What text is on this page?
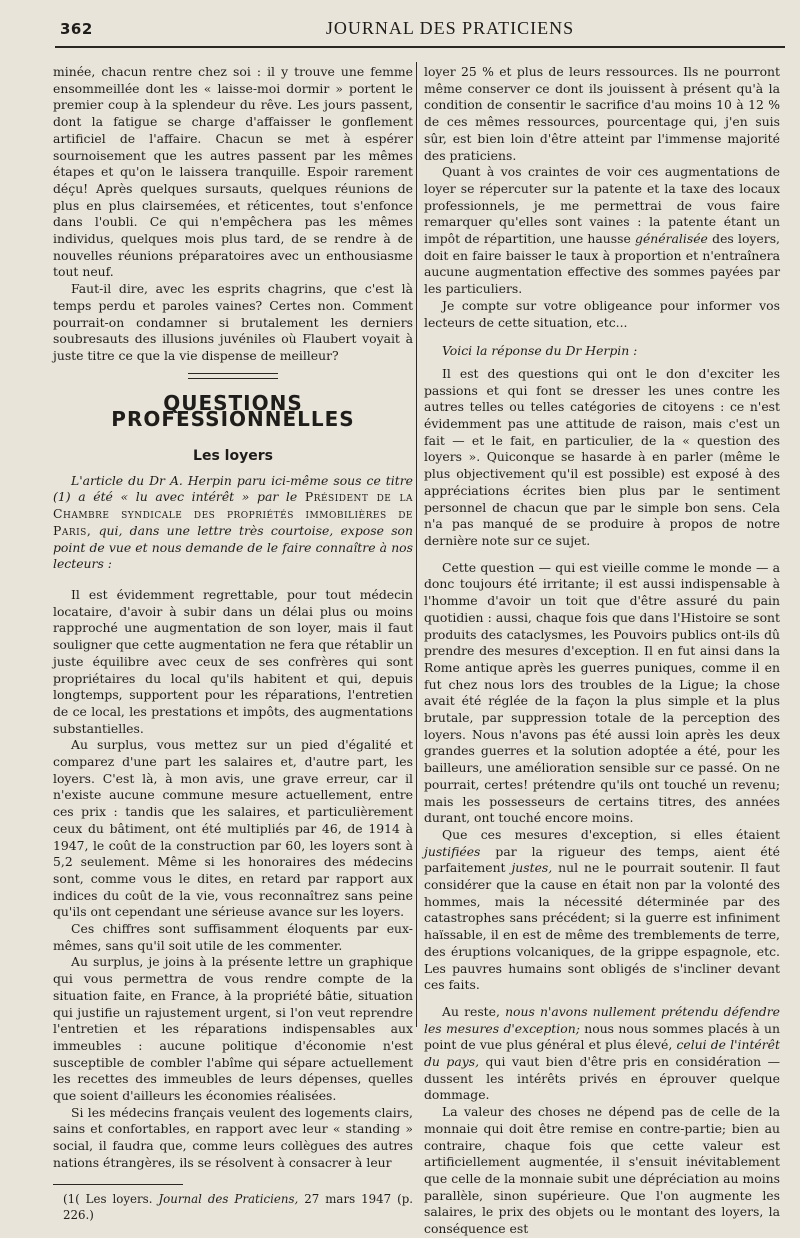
362	JOURNAL DES PRATICIENS

minée, chacun rentre chez soi : il y trouve une femme ensommeillée dont les « laisse-moi dormir » portent le premier coup à la splendeur du rêve. Les jours passent, dont la fatigue se charge d'affaisser le gonflement artificiel de l'affaire. Chacun se met à espérer sournoisement que les autres passent par les mêmes étapes et qu'on le laissera tranquille. Espoir rarement déçu! Après quelques sursauts, quelques réunions de plus en plus clairsemées, et réticentes, tout s'enfonce dans l'oubli. Ce qui n'empêchera pas les mêmes individus, quelques mois plus tard, de se rendre à de nouvelles réunions préparatoires avec un enthousiasme tout neuf.

Faut-il dire, avec les esprits chagrins, que c'est là temps perdu et paroles vaines? Certes non. Comment pourrait-on condamner si brutalement les derniers soubresauts des illusions juvéniles où Flaubert voyait à juste titre ce que la vie dispense de meilleur?

QUESTIONS PROFESSIONNELLES
Les loyers

L'article du Dr A. Herpin paru ici-même sous ce titre (1) a été « lu avec intérêt » par le Président de la Chambre syndicale des propriétés immobilières de Paris, qui, dans une lettre très courtoise, expose son point de vue et nous demande de le faire connaître à nos lecteurs :

Il est évidemment regrettable, pour tout médecin locataire, d'avoir à subir dans un délai plus ou moins rapproché une augmentation de son loyer, mais il faut souligner que cette augmentation ne fera que rétablir un juste équilibre avec ceux de ses confrères qui sont propriétaires du local qu'ils habitent et qui, depuis longtemps, supportent pour les réparations, l'entretien de ce local, les prestations et impôts, des augmentations substantielles.

Au surplus, vous mettez sur un pied d'égalité et comparez d'une part les salaires et, d'autre part, les loyers. C'est là, à mon avis, une grave erreur, car il n'existe aucune commune mesure actuellement, entre ces prix : tandis que les salaires, et particulièrement ceux du bâtiment, ont été multipliés par 46, de 1914 à 1947, le coût de la construction par 60, les loyers sont à 5,2 seulement. Même si les honoraires des médecins sont, comme vous le dites, en retard par rapport aux indices du coût de la vie, vous reconnaîtrez sans peine qu'ils ont cependant une sérieuse avance sur les loyers.

Ces chiffres sont suffisamment éloquents par eux-mêmes, sans qu'il soit utile de les commenter.

Au surplus, je joins à la présente lettre un graphique qui vous permettra de vous rendre compte de la situation faite, en France, à la propriété bâtie, situation qui justifie un rajustement urgent, si l'on veut reprendre l'entretien et les réparations indispensables aux immeubles : aucune politique d'économie n'est susceptible de combler l'abîme qui sépare actuellement les recettes des immeubles de leurs dépenses, quelles que soient d'ailleurs les économies réalisées.

Si les médecins français veulent des logements clairs, sains et confortables, en rapport avec leur « standing » social, il faudra que, comme leurs collègues des autres nations étrangères, ils se résolvent à consacrer à leur

(1( Les loyers. Journal des Praticiens, 27 mars 1947 (p. 226.)

loyer 25 % et plus de leurs ressources. Ils ne pourront même conserver ce dont ils jouissent à présent qu'à la condition de consentir le sacrifice d'au moins 10 à 12 % de ces mêmes ressources, pourcentage qui, j'en suis sûr, est bien loin d'être atteint par l'immense majorité des praticiens.

Quant à vos craintes de voir ces augmentations de loyer se répercuter sur la patente et la taxe des locaux professionnels, je me permettrai de vous faire remarquer qu'elles sont vaines : la patente étant un impôt de répartition, une hausse généralisée des loyers, doit en faire baisser le taux à proportion et n'entraînera aucune augmentation effective des sommes payées par les particuliers.

Je compte sur votre obligeance pour informer vos lecteurs de cette situation, etc...

Voici la réponse du Dr Herpin :

Il est des questions qui ont le don d'exciter les passions et qui font se dresser les unes contre les autres telles ou telles catégories de citoyens : ce n'est évidemment pas une attitude de raison, mais c'est un fait — et le fait, en particulier, de la « question des loyers ». Quiconque se hasarde à en parler (même le plus objectivement qu'il est possible) est exposé à des appréciations écrites bien plus par le sentiment personnel de chacun que par le simple bon sens. Cela n'a pas manqué de se produire à propos de notre dernière note sur ce sujet.

Cette question — qui est vieille comme le monde — a donc toujours été irritante; il est aussi indispensable à l'homme d'avoir un toit que d'être assuré du pain quotidien : aussi, chaque fois que dans l'Histoire se sont produits des cataclysmes, les Pouvoirs publics ont-ils dû prendre des mesures d'exception. Il en fut ainsi dans la Rome antique après les guerres puniques, comme il en fut chez nous lors des troubles de la Ligue; la chose avait été réglée de la façon la plus simple et la plus brutale, par suppression totale de la perception des loyers. Nous n'avons pas été aussi loin après les deux grandes guerres et la solution adoptée a été, pour les bailleurs, une amélioration sensible sur ce passé. On ne pourrait, certes! prétendre qu'ils ont touché un revenu; mais les possesseurs de certains titres, des années durant, ont touché encore moins.

Que ces mesures d'exception, si elles étaient justifiées par la rigueur des temps, aient été parfaitement justes, nul ne le pourrait soutenir. Il faut considérer que la cause en était non par la volonté des hommes, mais la nécessité déterminée par des catastrophes sans précédent; si la guerre est infiniment haïssable, il en est de même des tremblements de terre, des éruptions volcaniques, de la grippe espagnole, etc. Les pauvres humains sont obligés de s'incliner devant ces faits.

Au reste, nous n'avons nullement prétendu défendre les mesures d'exception; nous nous sommes placés à un point de vue plus général et plus élevé, celui de l'intérêt du pays, qui vaut bien d'être pris en considération — dussent les intérêts privés en éprouver quelque dommage.

La valeur des choses ne dépend pas de celle de la monnaie qui doit être remise en contre-partie; bien au contraire, chaque fois que cette valeur est artificiellement augmentée, il s'ensuit inévitablement que celle de la monnaie subit une dépréciation au moins parallèle, sinon supérieure. Que l'on augmente les salaires, le prix des objets ou le montant des loyers, la conséquence est
